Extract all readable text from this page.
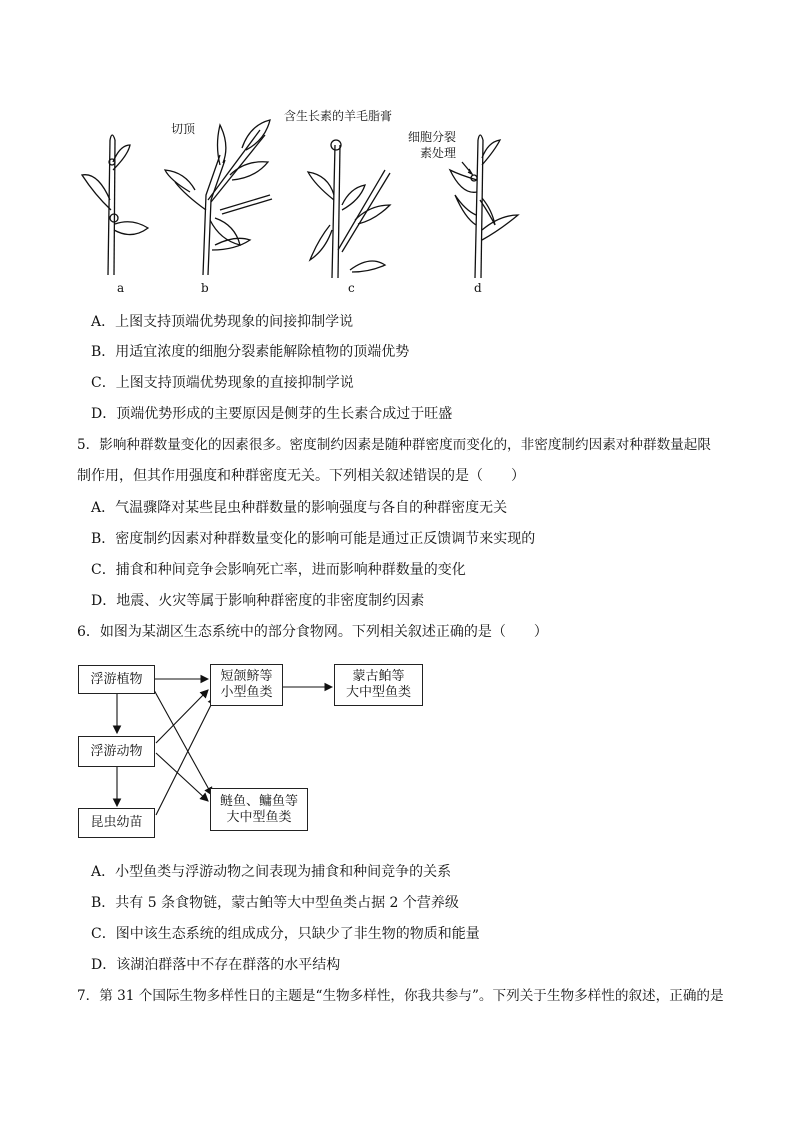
切顶
含生长素的羊毛脂膏
细胞分裂
素处理
a	b	c	d
A．上图支持顶端优势现象的间接抑制学说
B．用适宜浓度的细胞分裂素能解除植物的顶端优势
C．上图支持顶端优势现象的直接抑制学说
D．顶端优势形成的主要原因是侧芽的生长素合成过于旺盛
5．影响种群数量变化的因素很多。密度制约因素是随种群密度而变化的，非密度制约因素对种群数量起限
制作用，但其作用强度和种群密度无关。下列相关叙述错误的是（　　）
A．气温骤降对某些昆虫种群数量的影响强度与各自的种群密度无关
B．密度制约因素对种群数量变化的影响可能是通过正反馈调节来实现的
C．捕食和种间竞争会影响死亡率，进而影响种群数量的变化
D．地震、火灾等属于影响种群密度的非密度制约因素
6．如图为某湖区生态系统中的部分食物网。下列相关叙述正确的是（　　）
浮游植物
浮游动物
昆虫幼苗
短颌鲚等
小型鱼类
蒙古鲌等
大中型鱼类
鲢鱼、鳙鱼等
大中型鱼类
A．小型鱼类与浮游动物之间表现为捕食和种间竞争的关系
B．共有 5 条食物链，蒙古鲌等大中型鱼类占据 2 个营养级
C．图中该生态系统的组成成分，只缺少了非生物的物质和能量
D．该湖泊群落中不存在群落的水平结构
7．第 31 个国际生物多样性日的主题是“生物多样性，你我共参与”。下列关于生物多样性的叙述，正确的是
